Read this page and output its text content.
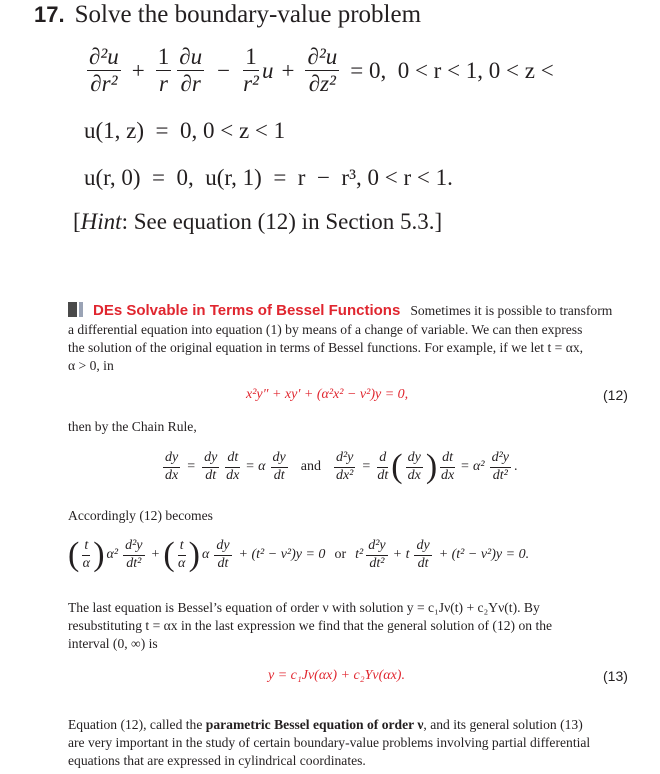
17. Solve the boundary-value problem
$\frac{\text{∂²u}}{\text{∂r²}} + \frac{1}{r} \frac{\partial u}{\partial r} - \frac{1}{\text{r²}}$ $u + \frac{\text{∂²u}}{\text{∂z²}} = 0$,  0 < r < 1, 0 < z <
u(1, z)  =  0, 0 < z < 1
u(r, 0)  =  0,  u(r, 1)  =  r  −  r³, 0 < r < 1.
[Hint: See equation (12) in Section 5.3.]
DEs Solvable in Terms of Bessel Functions Sometimes it is possible to transform
a differential equation into equation (1) by means of a change of variable. We can then express
the solution of the original equation in terms of Bessel functions. For example, if we let t = αx,
α > 0, in
x²y″ + xy′ + (α²x² − ν²)y = 0,	(12)
then by the Chain Rule,
$\frac{dy}{dx} = \frac{dy}{dt} \frac{dt}{dx} = \alpha \frac{dy}{dt}$ and $\frac{\text{d²y}}{\text{dx²}} = \frac{d}{dt}$ ( $\frac{dy}{dx}$ ) $\frac{dt}{dx} = \alpha^2 \frac{\text{d²y}}{\text{dt²}}$ .
Accordingly (12) becomes
( $\frac{t}{\alpha}$ ) $\alpha^2 \frac{\text{d²y}}{\text{dt²}}$ + ( $\frac{t}{\alpha}$ ) α $\frac{dy}{dt} + (t^2 - \nu^2)y = 0$ or $t^2 \frac{\text{d²y}}{\text{dt²}} + t \frac{dy}{dt} + (t^2 - \nu^2)y = 0$.
The last equation is Bessel’s equation of order ν with solution y = c₁Jν(t) + c₂Yν(t). By
resubstituting t = αx in the last expression we find that the general solution of (12) on the
interval (0, ∞) is
y = c₁Jν(αx) + c₂Yν(αx).	(13)
Equation (12), called the parametric Bessel equation of order ν, and its general solution (13)
are very important in the study of certain boundary-value problems involving partial differential
equations that are expressed in cylindrical coordinates.
